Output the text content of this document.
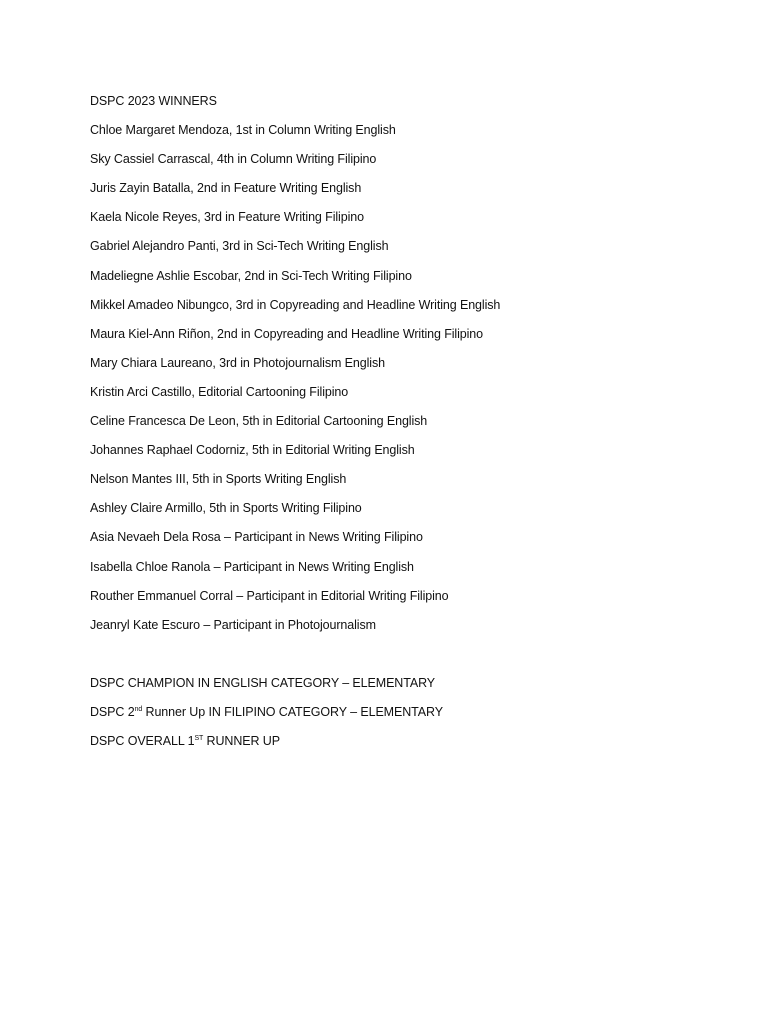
DSPC 2023 WINNERS
Chloe Margaret Mendoza, 1st in Column Writing English
Sky Cassiel Carrascal, 4th in Column Writing Filipino
Juris Zayin Batalla, 2nd in Feature Writing English
Kaela Nicole Reyes, 3rd in Feature Writing Filipino
Gabriel Alejandro Panti, 3rd in Sci-Tech Writing English
Madeliegne Ashlie Escobar, 2nd in Sci-Tech Writing Filipino
Mikkel Amadeo Nibungco, 3rd in Copyreading and Headline Writing English
Maura Kiel-Ann Riñon, 2nd in Copyreading and Headline Writing Filipino
Mary Chiara Laureano, 3rd in Photojournalism English
Kristin Arci Castillo, Editorial Cartooning Filipino
Celine Francesca De Leon, 5th in Editorial Cartooning English
Johannes Raphael Codorniz, 5th in Editorial Writing English
Nelson Mantes III, 5th in Sports Writing English
Ashley Claire Armillo, 5th in Sports Writing Filipino
Asia Nevaeh Dela Rosa – Participant in News Writing Filipino
Isabella Chloe Ranola – Participant in News Writing English
Routher Emmanuel Corral – Participant in Editorial Writing Filipino
Jeanryl Kate Escuro – Participant in Photojournalism
DSPC CHAMPION IN ENGLISH CATEGORY – ELEMENTARY
DSPC 2nd Runner Up IN FILIPINO CATEGORY – ELEMENTARY
DSPC OVERALL 1ST RUNNER UP
